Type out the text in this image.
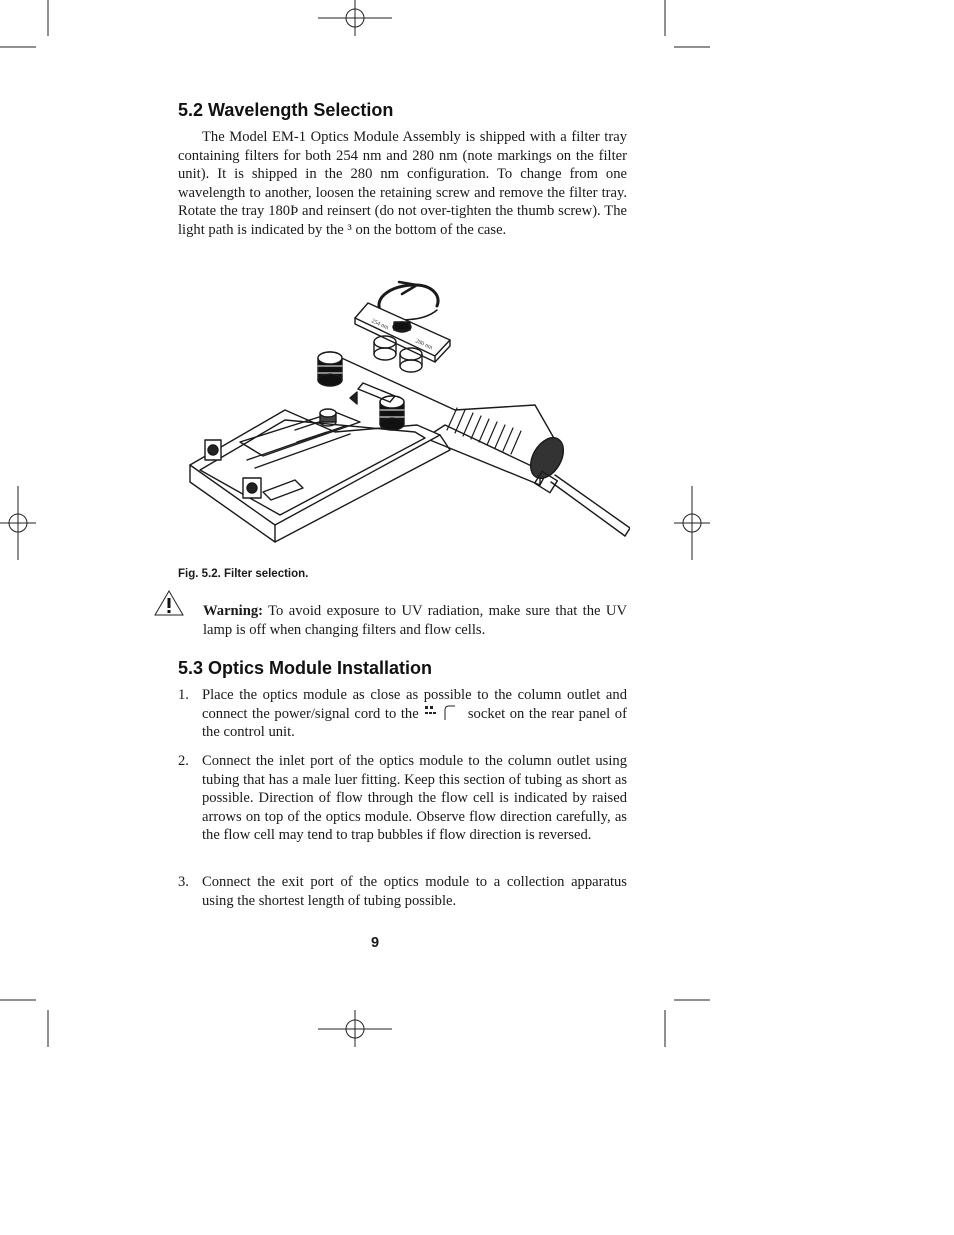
5.2 Wavelength Selection

The Model EM-1 Optics Module Assembly is shipped with a filter tray containing filters for both 254 nm and 280 nm (note markings on the filter unit). It is shipped in the 280 nm configuration. To change from one wavelength to another, loosen the retaining screw and remove the filter tray. Rotate the tray 180Þ and reinsert (do not over-tighten the thumb screw). The light path is indicated by the ³ on the bottom of the case.

254 nm
280 nm

Fig. 5.2. Filter selection.

Warning: To avoid exposure to UV radiation, make sure that the UV lamp is off when changing filters and flow cells.

5.3 Optics Module Installation
1. Place the optics module as close as possible to the column outlet and connect the power/signal cord to the	socket on the rear panel of the control unit.

2. Connect the inlet port of the optics module to the column outlet using tubing that has a male luer fitting. Keep this section of tubing as short as possible. Direction of flow through the flow cell is indicated by raised arrows on top of the optics module. Observe flow direction carefully, as the flow cell may tend to trap bubbles if flow direction is reversed.

3. Connect the exit port of the optics module to a collection apparatus using the shortest length of tubing possible.

9
